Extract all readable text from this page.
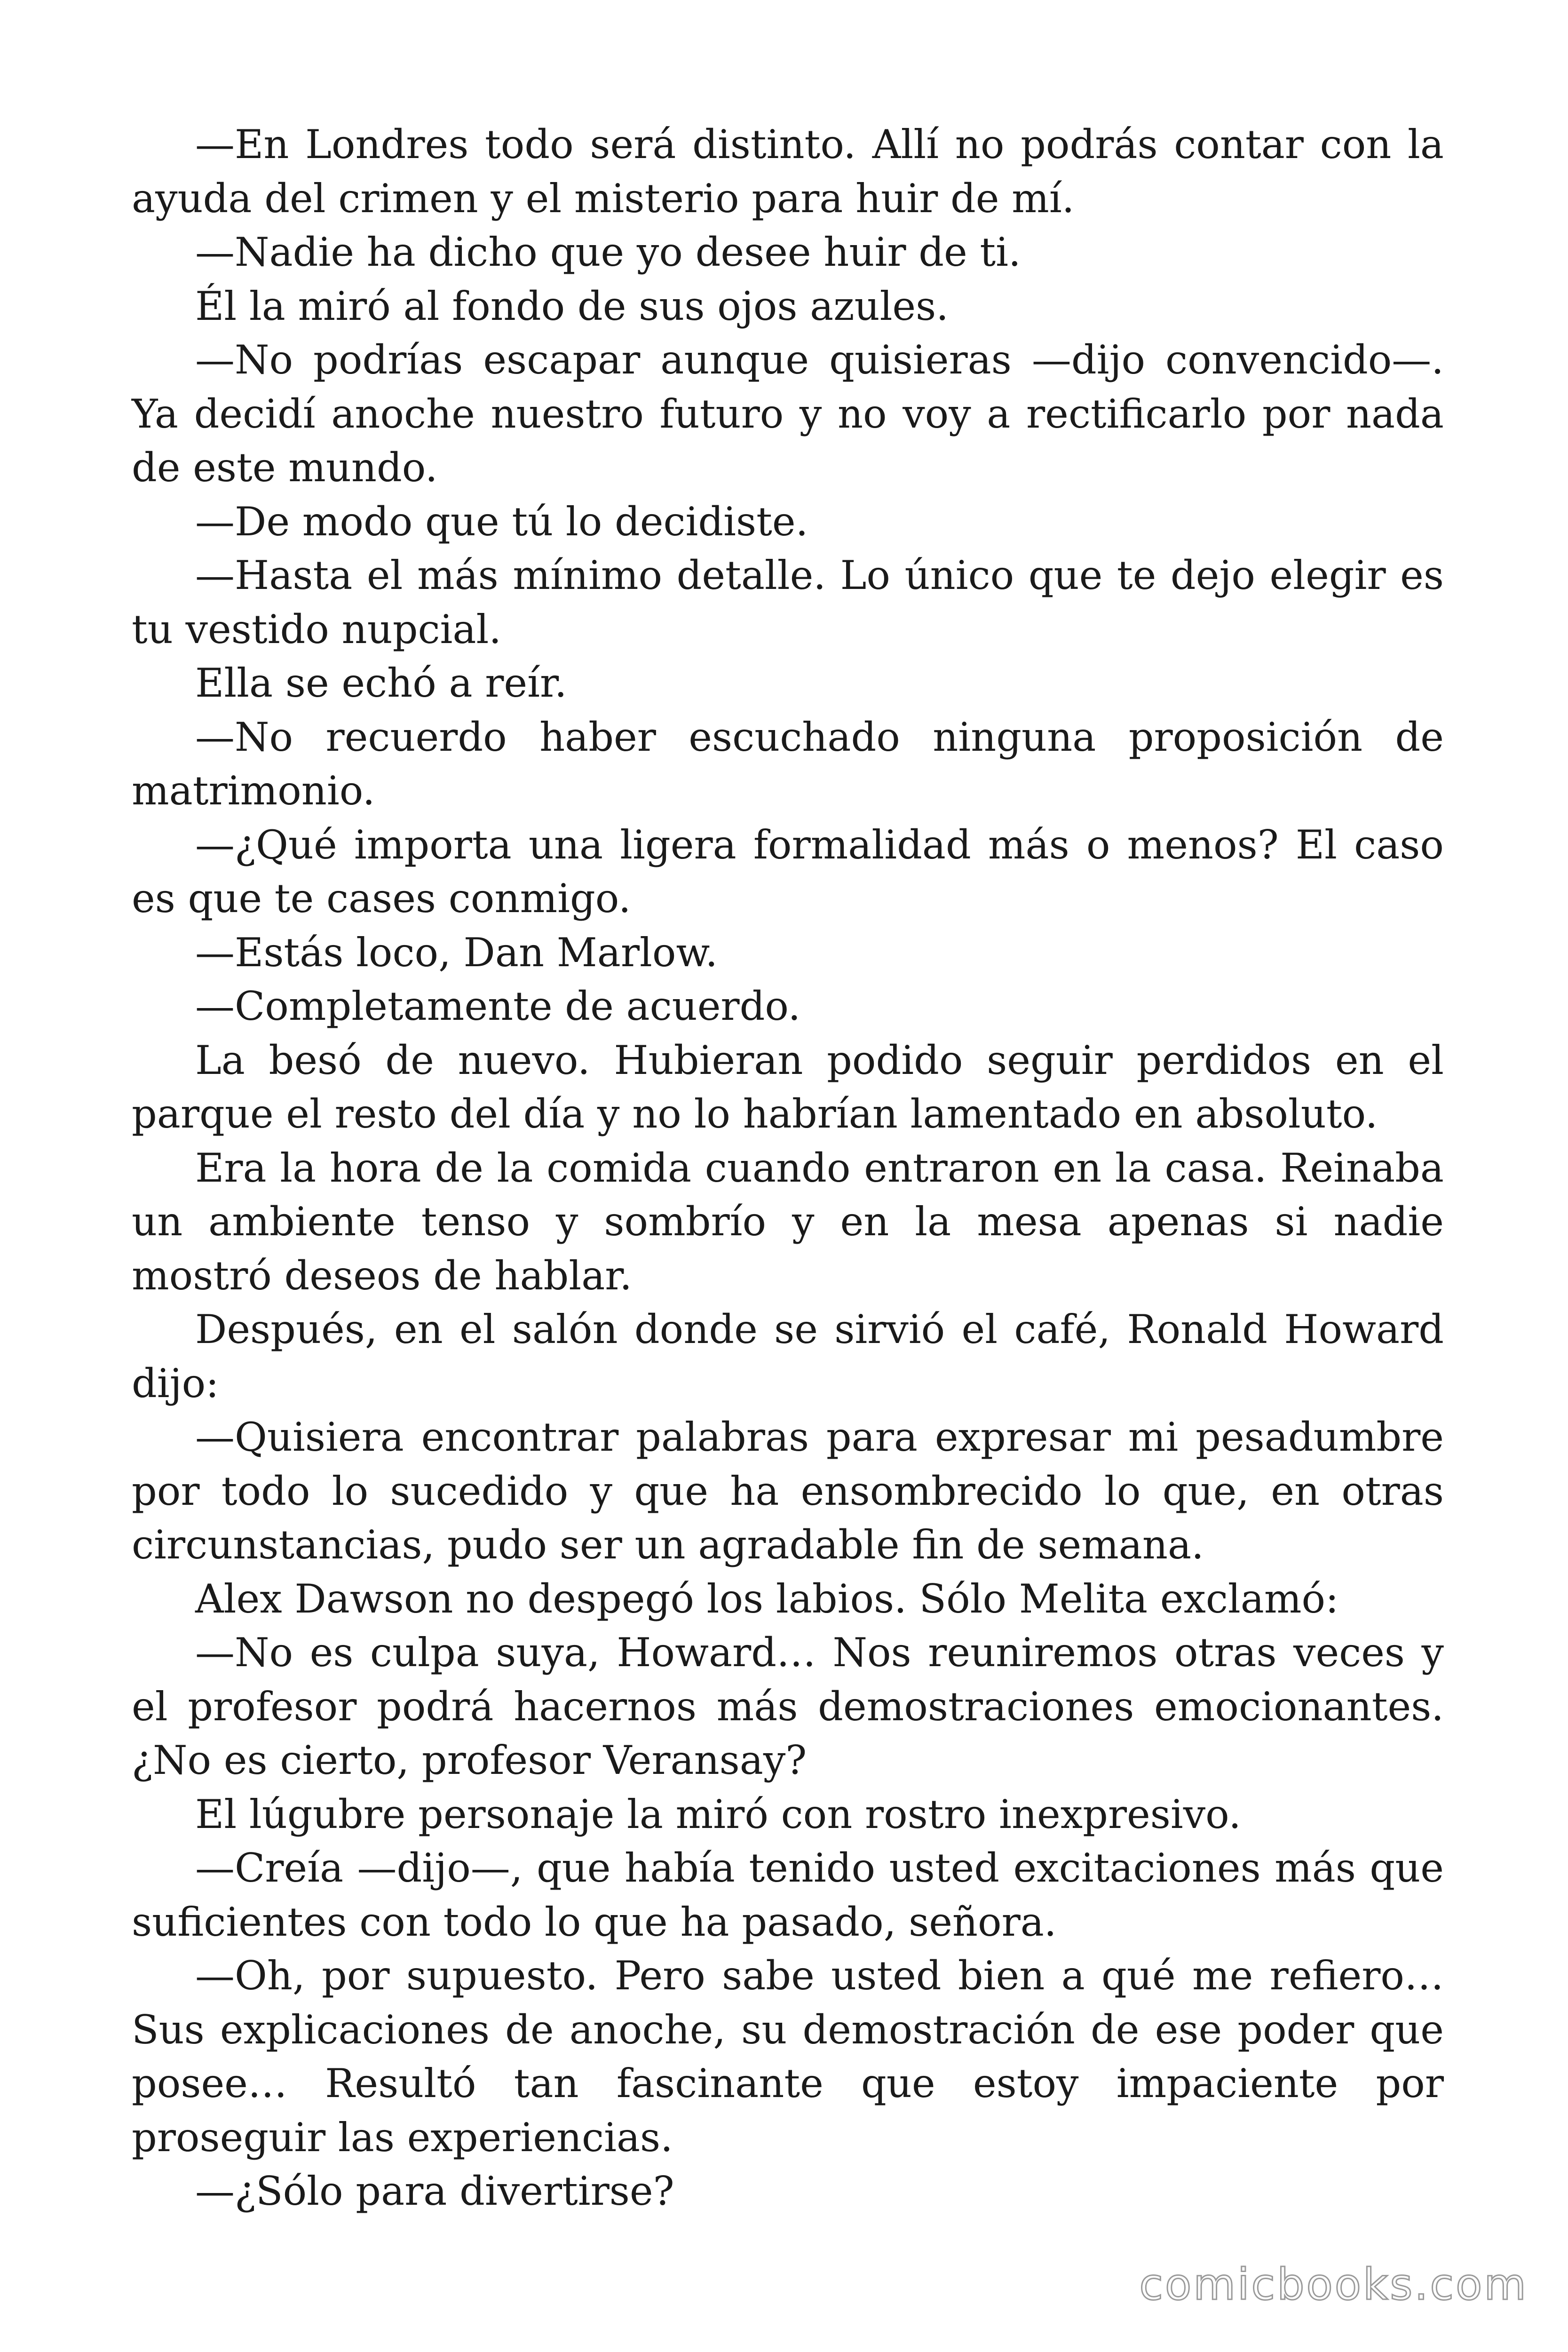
—En Londres todo será distinto. Allí no podrás contar con la ayuda del crimen y el misterio para huir de mí.

—Nadie ha dicho que yo desee huir de ti.

Él la miró al fondo de sus ojos azules.

—No podrías escapar aunque quisieras —dijo convencido—. Ya decidí anoche nuestro futuro y no voy a rectificarlo por nada de este mundo.

—De modo que tú lo decidiste.

—Hasta el más mínimo detalle. Lo único que te dejo elegir es tu vestido nupcial.

Ella se echó a reír.

—No recuerdo haber escuchado ninguna proposición de matrimonio.

—¿Qué importa una ligera formalidad más o menos? El caso es que te cases conmigo.

—Estás loco, Dan Marlow.

—Completamente de acuerdo.

La besó de nuevo. Hubieran podido seguir perdidos en el parque el resto del día y no lo habrían lamentado en absoluto.

Era la hora de la comida cuando entraron en la casa. Reinaba un ambiente tenso y sombrío y en la mesa apenas si nadie mostró deseos de hablar.

Después, en el salón donde se sirvió el café, Ronald Howard dijo:

—Quisiera encontrar palabras para expresar mi pesadumbre por todo lo sucedido y que ha ensombrecido lo que, en otras circunstancias, pudo ser un agradable fin de semana.

Alex Dawson no despegó los labios. Sólo Melita exclamó:

—No es culpa suya, Howard… Nos reuniremos otras veces y el profesor podrá hacernos más demostraciones emocionantes. ¿No es cierto, profesor Veransay?

El lúgubre personaje la miró con rostro inexpresivo.

—Creía —dijo—, que había tenido usted excitaciones más que suficientes con todo lo que ha pasado, señora.

—Oh, por supuesto. Pero sabe usted bien a qué me refiero… Sus explicaciones de anoche, su demostración de ese poder que posee… Resultó tan fascinante que estoy impaciente por proseguir las experiencias.

—¿Sólo para divertirse?

comicbooks.com
